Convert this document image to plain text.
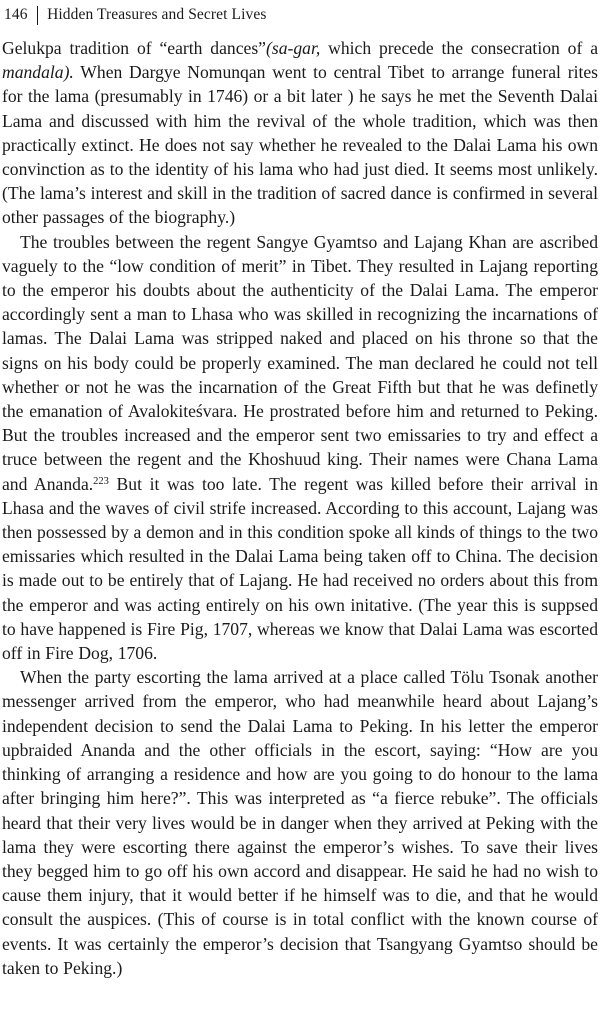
146 Hidden Treasures and Secret Lives

Gelukpa tradition of “earth dances”(sa-gar, which precede the consecration of a mandala). When Dargye Nomunqan went to central Tibet to arrange funeral rites for the lama (presumably in 1746) or a bit later ) he says he met the Seventh Dalai Lama and discussed with him the revival of the whole tradition, which was then practically extinct. He does not say whether he revealed to the Dalai Lama his own convinction as to the identity of his lama who had just died. It seems most unlikely. (The lama’s interest and skill in the tradition of sacred dance is confirmed in several other passages of the biography.)

The troubles between the regent Sangye Gyamtso and Lajang Khan are ascribed vaguely to the “low condition of merit” in Tibet. They resulted in Lajang reporting to the emperor his doubts about the authenticity of the Dalai Lama. The emperor accordingly sent a man to Lhasa who was skilled in recognizing the incarnations of lamas. The Dalai Lama was stripped naked and placed on his throne so that the signs on his body could be properly examined. The man declared he could not tell whether or not he was the incarnation of the Great Fifth but that he was definetly the emanation of Avalokiteśvara. He prostrated before him and returned to Peking. But the troubles increased and the emperor sent two emissaries to try and effect a truce between the regent and the Khoshuud king. Their names were Chana Lama and Ananda.$^{223}$ But it was too late. The regent was killed before their arrival in Lhasa and the waves of civil strife increased. According to this account, Lajang was then possessed by a demon and in this condition spoke all kinds of things to the two emissaries which resulted in the Dalai Lama being taken off to China. The decision is made out to be entirely that of Lajang. He had received no orders about this from the emperor and was acting entirely on his own initative. (The year this is suppsed to have happened is Fire Pig, 1707, whereas we know that Dalai Lama was escorted off in Fire Dog, 1706.

When the party escorting the lama arrived at a place called Tölu Tsonak another messenger arrived from the emperor, who had meanwhile heard about Lajang’s independent decision to send the Dalai Lama to Peking. In his letter the emperor upbraided Ananda and the other officials in the escort, saying: “How are you thinking of arranging a residence and how are you going to do honour to the lama after bringing him here?”. This was interpreted as “a fierce rebuke”. The officials heard that their very lives would be in danger when they arrived at Peking with the lama they were escorting there against the emperor’s wishes. To save their lives they begged him to go off his own accord and disappear. He said he had no wish to cause them injury, that it would better if he himself was to die, and that he would consult the auspices. (This of course is in total conflict with the known course of events. It was certainly the emperor’s decision that Tsangyang Gyamtso should be taken to Peking.)
